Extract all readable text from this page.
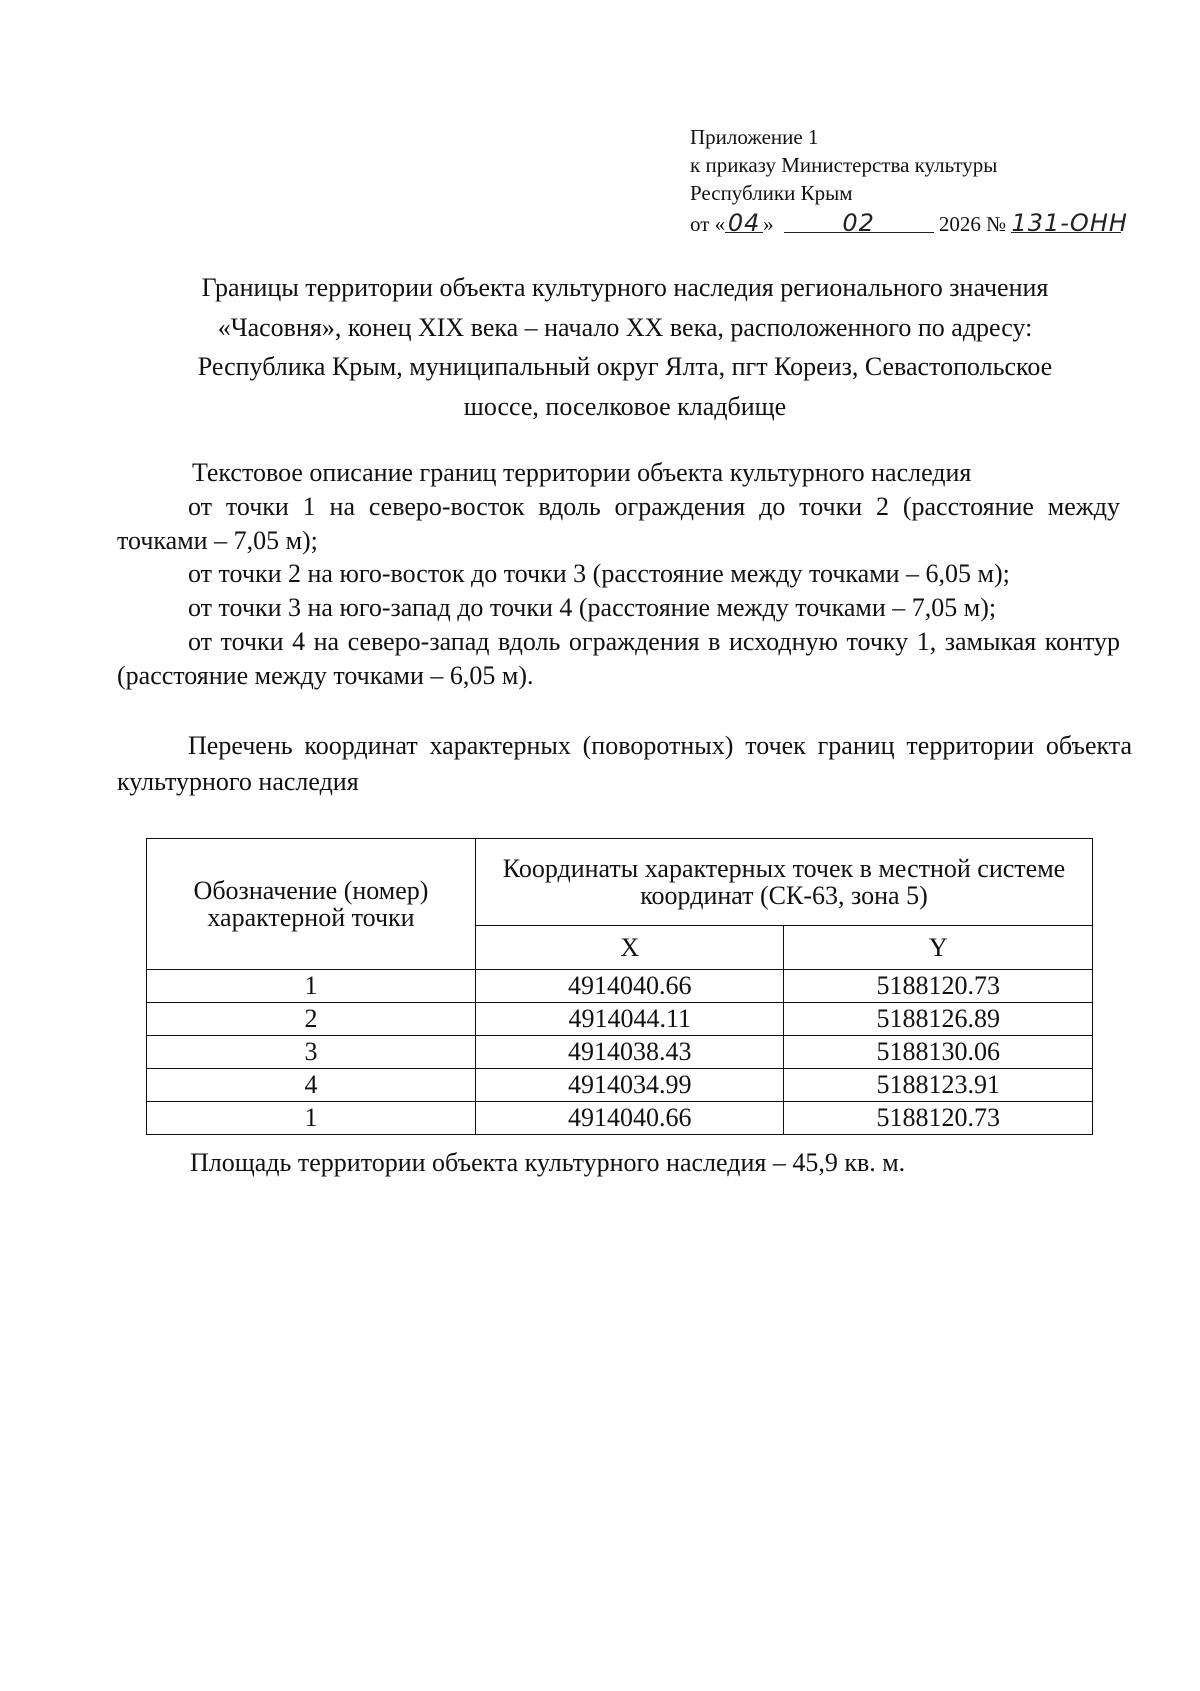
Приложение 1
к приказу Министерства культуры
Республики Крым
от « 04 »	02	2026 № 131-ОНН
Границы территории объекта культурного наследия регионального значения
«Часовня», конец XIX века – начало XX века, расположенного по адресу:
Республика Крым, муниципальный округ Ялта, пгт Кореиз, Севастопольское
шоссе, поселковое кладбище

Текстовое описание границ территории объекта культурного наследия

от точки 1 на северо-восток вдоль ограждения до точки 2 (расстояние между точками – 7,05 м);

от точки 2 на юго-восток до точки 3 (расстояние между точками – 6,05 м);

от точки 3 на юго-запад до точки 4 (расстояние между точками – 7,05 м);

от точки 4 на северо-запад вдоль ограждения в исходную точку 1, замыкая контур (расстояние между точками – 6,05 м).

Перечень координат характерных (поворотных) точек границ территории объекта культурного наследия
Обозначение (номер) характерной точки	Координаты характерных точек в местной системе координат (СК-63, зона 5)	
	X	Y
1	4914040.66	5188120.73
2	4914044.11	5188126.89
3	4914038.43	5188130.06
4	4914034.99	5188123.91
1	4914040.66	5188120.73
Площадь территории объекта культурного наследия – 45,9 кв. м.
